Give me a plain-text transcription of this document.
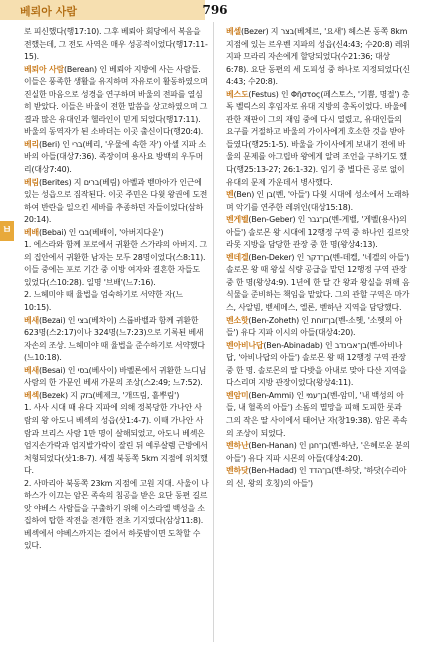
베뢰아 사람	796
ㅂ
로 피신했다(행17:10). 그후 베뢰아 회당에서 복음을 전했는데, 그 전도 사역은 매우 성공적이었다(행17:11-15).
베뢰아 사람(Berean) 인 베뢰아 지방에 사는 사람들. 이들은 풍족한 생활을 유지하며 자유로이 활동하였으며 진실한 마음으로 성경을 연구하며 바울의 전파를 열심히 받았다. 이들은 바울이 전한 말씀을 상고하였으며 그 결과 많은 유대인과 헬라인이 믿게 되었다(행17:11). 바울의 동역자가 된 소바더는 이곳 출신이다(행20:4).
베리(Beri) 인 ברי(베리, '우물에 속한 자') 아셀 지파 소바의 아들(대상7:36). 족장이며 용사요 방백의 우두머리(대상7:40).
베림(Berites) 지 ברים(베림) 아벨과 벧마아가 인근에 있는 성읍으로 짐작된다. 이곳 주민은 다윗 왕권에 도전하여 반란을 일으킨 세바를 추종하던 자들이었다(삼하20:14).
베배(Bebai) 인 בבי(베배이, '아버지다운')
1. 에스라와 함께 포로에서 귀환한 스가랴의 아버지. 그의 집안에서 귀환한 남자는 모두 28명이었다(스8:11). 이들 중에는 포로 기간 중 이방 여자와 결혼한 자들도 있었다(스10:28). 일명 '브배'(느7:16).
2. 느헤미야 때 율법을 엄숙하기로 서약한 자(느10:15).
베새(Bezai) 인 בצי(베차이) 스룹바벨과 함께 귀환한 623명(스2:17)이나 324명(느7:23)으로 기록된 베새 자손의 조상. 느헤미야 때 율법을 준수하기로 서약했다(느10:18).
베새(Besai) 인 בסי(베사이) 바벨론에서 귀환한 느디님 사람의 한 가문인 베새 가문의 조상(스2:49; 느7:52).
베섹(Bezek) 지 בזק(베제크, '개뜨림, 흩뿌림')
1. 사사 시대 때 유다 지파에 의해 정복당한 가나안 사람의 왕 아도니 베섹의 성읍(삿1:4-7). 이때 가나안 사람과 브리스 사람 1만 명이 살해되었고, 아도니 베섹은 엄지손가락과 엄지발가락이 잘린 뒤 예루살렘 근방에서 처형되었다(삿1:8-7). 세겜 북동쪽 5km 지점에 위치했다.
2. 사마리아 북동쪽 23km 지점에 고원 지대. 사울이 나하스가 이끄는 암몬 족속의 침공을 받은 요단 동편 길르앗 야베스 사람들을 구출하기 위해 이스라엘 백성을 소집하여 탑한 작전을 전개한 전초 기지였다(삼상11:8). 베섹에서 야베스까지는 걸어서 하룻밤이면 도착할 수 있다.
베셀(Bezer) 지 בצר(베체르, '요새') 헤스본 동쪽 8km 지점에 있는 르우벤 지파의 성읍(신4:43; 수20:8) 레위 지파 므라리 자손에게 할당되었다(수21:36; 대상6:78). 요단 동편의 세 도피성 중 하나로 지정되었다(신4:43; 수20:8).
베스도(Festus) 인 Φῆστος(페스토스, '기쁨, 명절') 총독 벨릭스의 후임자로 유대 지방의 총독이었다. 바울에 관한 재판이 그의 재임 중에 다시 열렸고, 유대인들의 요구를 거절하고 바울의 가이사에게 호소한 것을 받아들였다(행25:1-5). 바울을 가이사에게 보내기 전에 바울의 문제를 아그립바 왕에게 알려 조언을 구하기도 했다(행25:13-27; 26:1-32). 임기 중 별다른 공로 없이 유대의 문제 가운데서 병사했다.
벤(Ben) 인 בן(벤, '아들') 다윗 시대에 성소에서 노래하며 악기를 연주한 레위인(대상15:18).
벤게벨(Ben-Geber) 인 בן־גבר(벤-게벨, '게벨(용사)의 아들') 솔로몬 왕 시대에 12행정 구역 중 하나인 길르앗 라못 지방을 담당한 관장 중 한 명(왕상4:13).
벤데겔(Ben-Deker) 인 בן־דקר(벤-데켈, '네겔의 아들') 솔로몬 왕 때 왕실 식량 공급을 맡던 12행정 구역 관장 중 한 명(왕상4:9). 1년에 한 달 간 왕과 왕실을 위해 음식물을 준비하는 책임을 맡았다. 그의 관할 구역은 마가스, 사알빔, 벧세메스, 엘론, 벧하난 지역을 담당했다.
벤소핫(Ben-Zoheth) 인 בן־זוחת(벤-소헷, '소헷의 아들') 유다 지파 이시의 아들(대상4:20).
벤아비나답(Ben-Abinadab) 인 בן־אבינדב(벤-아비나답, '아비나답의 아들') 솔로몬 왕 때 12행정 구역 관장 중 한 명. 솔로몬의 딸 다밧을 아내로 맞아 다산 지역을 다스리며 지방 관장이었다(왕상4:11).
벤암미(Ben-Ammi) 인 בן־עמי(벤-암미, '내 백성의 아들, 내 혈족의 아들') 소돔의 멸망을 피해 도피한 롯과 그의 작은 딸 사이에서 태어난 자(창19:38). 암몬 족속의 조상이 되었다.
벤하난(Ben-Hanan) 인 בן־חנן(벤-하난, '은혜로운 분의 아들') 유다 지파 시몬의 아들(대상4:20).
벤하닷(Ben-Hadad) 인 בן־הדד(벤-하닷, '하닷(수리아의 신, 왕의 호칭)의 아들')
